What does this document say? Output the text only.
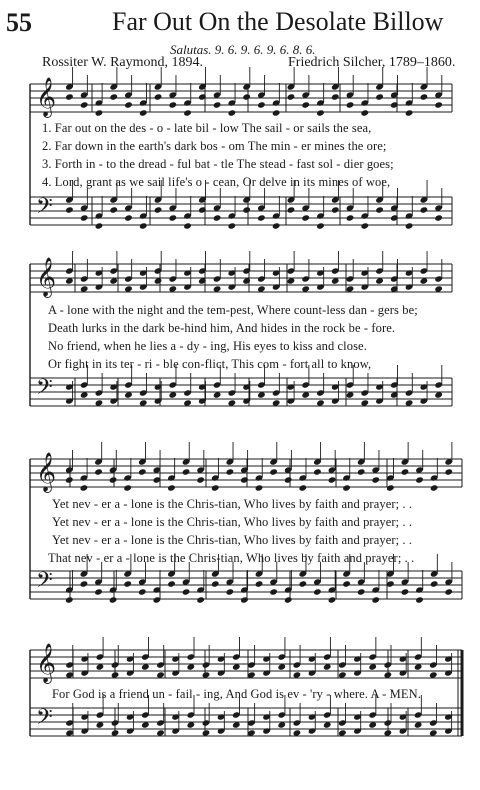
55	Far Out On the Desolate Billow
Salutas. 9. 6. 9. 6. 9. 6. 8. 6.
Rossiter W. Raymond, 1894.	Friedrich Silcher, 1789–1860.
𝄞
𝄢
𝄞
𝄢
𝄞
𝄢
𝄞
𝄢
1. Far out on the des - o - late bil - low The sail - or sails the sea,
2. Far down in the earth's dark bos - om The min - er mines the ore;
3. Forth in - to the dread - ful bat - tle The stead - fast sol - dier goes;
4. Lord, grant as we sail life's o - cean, Or delve in its mines of woe,
A - lone with the night and the tem-pest, Where count-less dan - gers be;
Death lurks in the dark be-hind him, And hides in the rock be - fore.
No friend, when he lies a - dy - ing, His eyes to kiss and close.
Or fight in its ter - ri - ble con-flict, This com - fort all to know,
Yet nev - er a - lone is the Chris-tian, Who lives by faith and prayer; . .
Yet nev - er a - lone is the Chris-tian, Who lives by faith and prayer; . .
Yet nev - er a - lone is the Chris-tian, Who lives by faith and prayer; . .
That nev - er a - lone is the Chris-tian, Who lives by faith and prayer; . .
For God is a friend un - fail - ing, And God is ev - 'ry - where. A - MEN.
